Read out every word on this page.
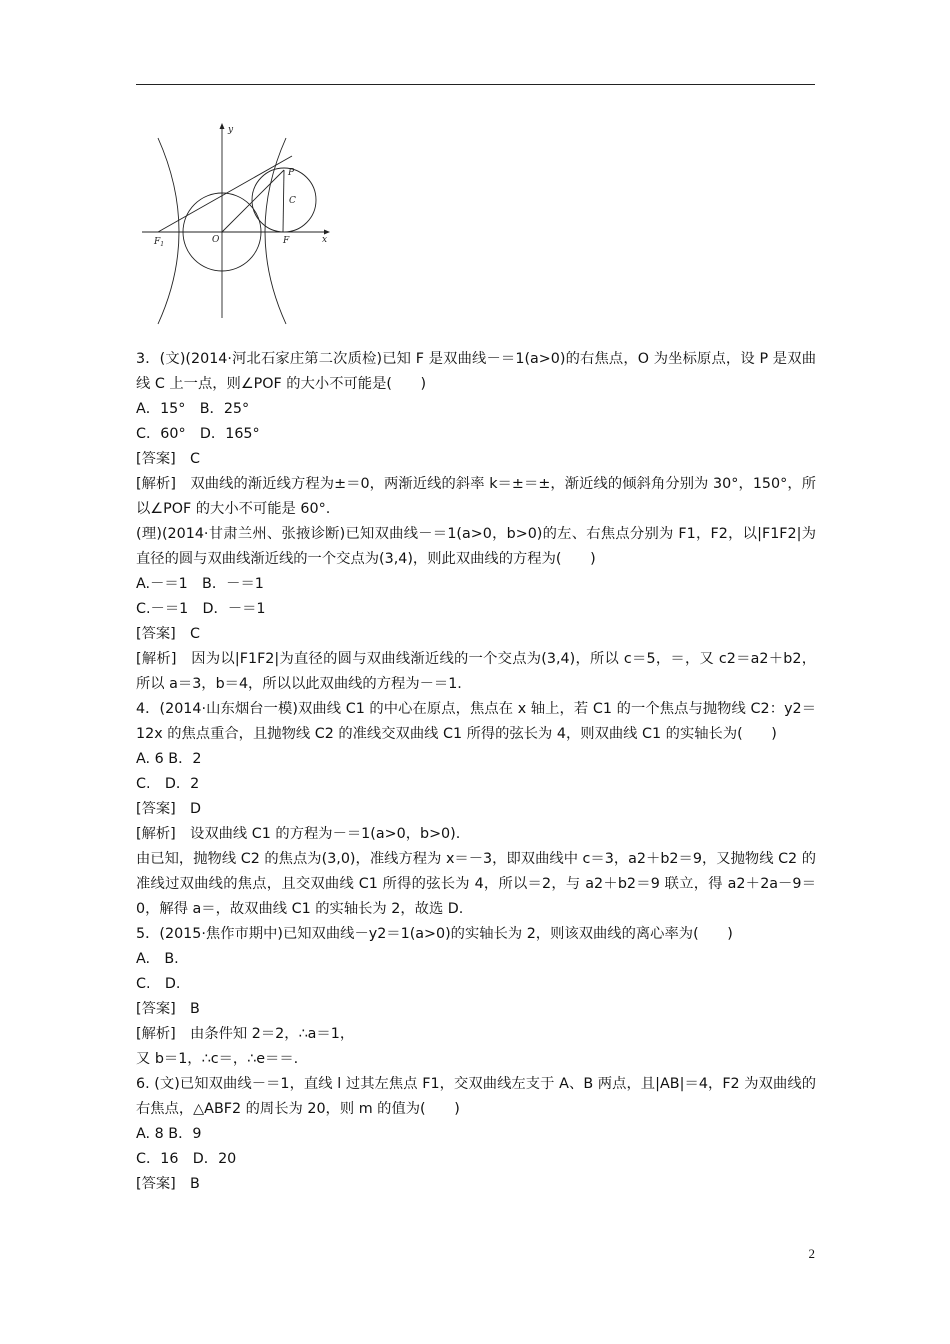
y
x
P
C
O	F
$F_1$

3．(文)(2014·河北石家庄第二次质检)已知 F 是双曲线－＝1(a>0)的右焦点，O 为坐标原点，设 P 是双曲线 C 上一点，则∠POF 的大小不可能是(　　)

A．15°　B．25°

C．60°　D．165°

[答案]　C

[解析]　双曲线的渐近线方程为±＝0，两渐近线的斜率 k＝±＝±，渐近线的倾斜角分别为 30°，150°，所以∠POF 的大小不可能是 60°.

(理)(2014·甘肃兰州、张掖诊断)已知双曲线－＝1(a>0，b>0)的左、右焦点分别为 F1，F2，以|F1F2|为直径的圆与双曲线渐近线的一个交点为(3,4)，则此双曲线的方程为(　　)

A.－＝1　B．－＝1

C.－＝1　D．－＝1

[答案]　C

[解析]　因为以|F1F2|为直径的圆与双曲线渐近线的一个交点为(3,4)，所以 c＝5，＝，又 c2＝a2＋b2，所以 a＝3，b＝4，所以以此双曲线的方程为－＝1.

4．(2014·山东烟台一模)双曲线 C1 的中心在原点，焦点在 x 轴上，若 C1 的一个焦点与抛物线 C2：y2＝12x 的焦点重合，且抛物线 C2 的准线交双曲线 C1 所得的弦长为 4，则双曲线 C1 的实轴长为(　　)

A. 6 B．2

C.　D．2

[答案]　D

[解析]　设双曲线 C1 的方程为－＝1(a>0，b>0).

由已知，抛物线 C2 的焦点为(3,0)，准线方程为 x＝－3，即双曲线中 c＝3，a2＋b2＝9，又抛物线 C2 的准线过双曲线的焦点，且交双曲线 C1 所得的弦长为 4，所以＝2，与 a2＋b2＝9 联立，得 a2＋2a－9＝0，解得 a＝，故双曲线 C1 的实轴长为 2，故选 D.

5．(2015·焦作市期中)已知双曲线－y2＝1(a>0)的实轴长为 2，则该双曲线的离心率为(　　)

A.　B.

C.　D.

[答案]　B

[解析]　由条件知 2＝2，∴a＝1，

又 b＝1，∴c＝，∴e＝＝.

6. (文)已知双曲线－＝1，直线 l 过其左焦点 F1，交双曲线左支于 A、B 两点，且|AB|＝4，F2 为双曲线的右焦点，△ABF2 的周长为 20，则 m 的值为(　　)

A. 8 B．9

C．16　D．20

[答案]　B

2
